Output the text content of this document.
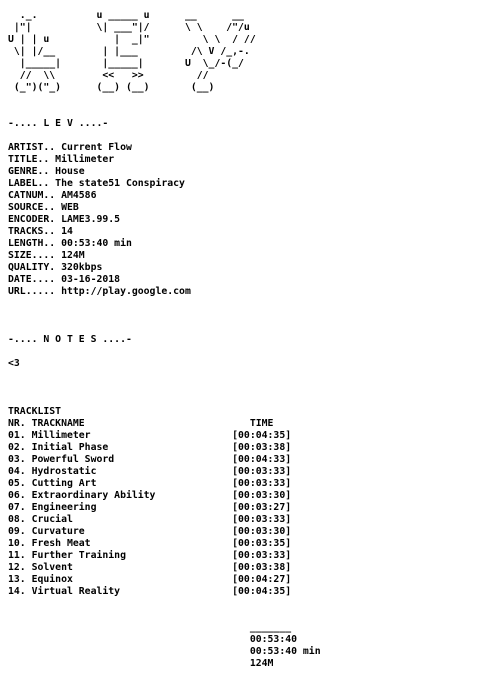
._.          u _____ u      __      __
|"|           \| ___"|/      \ \    /"/u
U | | u           |  _|"         \ \  / //
\| |/__        | |___         /\ V /_,-.
|_____|       |_____|       U  \_/-(_/
//  \\        <<   >>         //
(_")("_)      (__) (__)       (__)
-.... L E V ....-
ARTIST.. Current Flow
TITLE.. Millimeter
GENRE.. House
LABEL.. The state51 Conspiracy
CATNUM.. AM4586
SOURCE.. WEB
ENCODER. LAME3.99.5
TRACKS.. 14
LENGTH.. 00:53:40 min
SIZE.... 124M
QUALITY. 320kbps
DATE.... 03-16-2018
URL..... http://play.google.com
-.... N O T E S ....-
<3
TRACKLIST
NR. TRACKNAME                            TIME
01. Millimeter                        [00:04:35]
02. Initial Phase                     [00:03:38]
03. Powerful Sword                    [00:04:33]
04. Hydrostatic                       [00:03:33]
05. Cutting Art                       [00:03:33]
06. Extraordinary Ability             [00:03:30]
07. Engineering                       [00:03:27]
08. Crucial                           [00:03:33]
09. Curvature                         [00:03:30]
10. Fresh Meat                        [00:03:35]
11. Further Training                  [00:03:33]
12. Solvent                           [00:03:38]
13. Equinox                           [00:04:27]
14. Virtual Reality                   [00:04:35]
_______
00:53:40
00:53:40 min
124M
